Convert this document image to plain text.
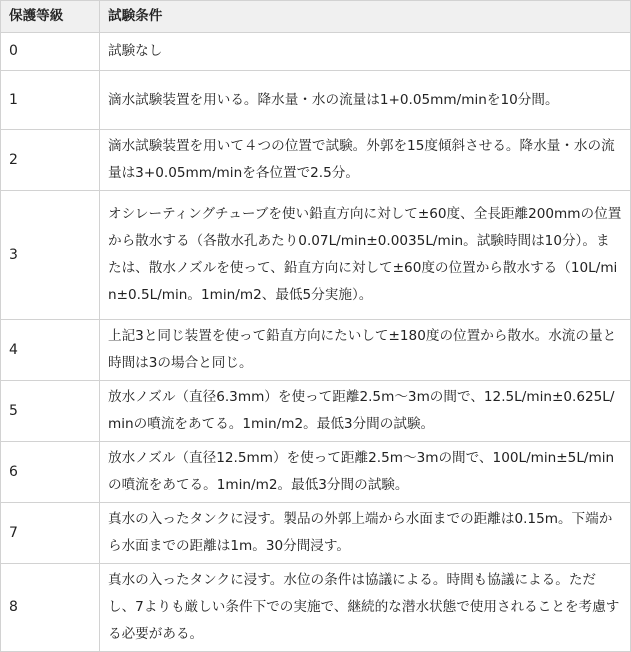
保護等級	試験条件
0	試験なし
1	滴水試験装置を用いる。降水量・水の流量は1+0.05mm/minを10分間。
2	滴水試験装置を用いて４つの位置で試験。外郭を15度傾斜させる。降水量・水の流量は3+0.05mm/minを各位置で2.5分。
3	オシレーティングチューブを使い鉛直方向に対して±60度、全長距離200mmの位置から散水する（各散水孔あたり0.07L/min±0.0035L/min。試験時間は10分）。または、散水ノズルを使って、鉛直方向に対して±60度の位置から散水する（10L/min±0.5L/min。1min/m2、最低5分実施）。
4	上記3と同じ装置を使って鉛直方向にたいして±180度の位置から散水。水流の量と時間は3の場合と同じ。
5	放水ノズル（直径6.3mm）を使って距離2.5m〜3mの間で、12.5L/min±0.625L/minの噴流をあてる。1min/m2。最低3分間の試験。
6	放水ノズル（直径12.5mm）を使って距離2.5m〜3mの間で、100L/min±5L/minの噴流をあてる。1min/m2。最低3分間の試験。
7	真水の入ったタンクに浸す。製品の外郭上端から水面までの距離は0.15m。下端から水面までの距離は1m。30分間浸す。
8	真水の入ったタンクに浸す。水位の条件は協議による。時間も協議による。ただし、7よりも厳しい条件下での実施で、継続的な潜水状態で使用されることを考慮する必要がある。
